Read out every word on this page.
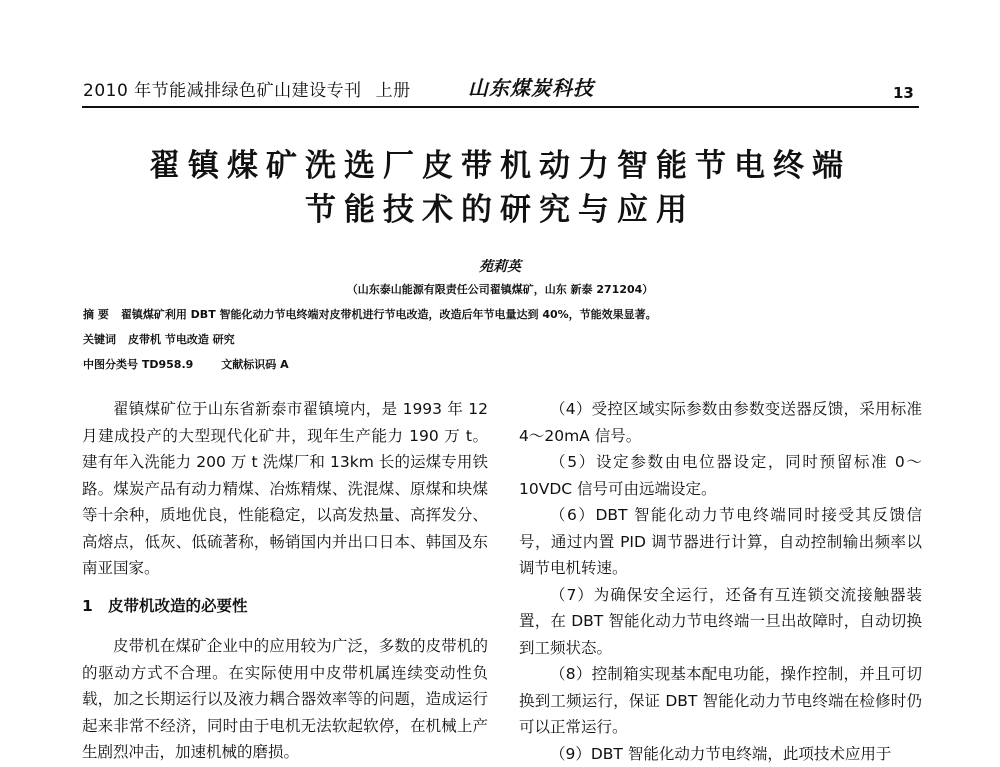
2010 年节能减排绿色矿山建设专刊 上册	山东煤炭科技	13
翟镇煤矿洗选厂皮带机动力智能节电终端
节能技术的研究与应用
苑莉英
（山东泰山能源有限责任公司翟镇煤矿，山东 新泰 271204）
摘 要 翟镇煤矿利用 DBT 智能化动力节电终端对皮带机进行节电改造，改造后年节电量达到 40%，节能效果显著。
关键词 皮带机 节电改造 研究
中图分类号 TD958.9	文献标识码 A

翟镇煤矿位于山东省新泰市翟镇境内，是 1993 年 12 月建成投产的大型现代化矿井，现年生产能力 190 万 t。建有年入洗能力 200 万 t 洗煤厂和 13km 长的运煤专用铁路。煤炭产品有动力精煤、冶炼精煤、洗混煤、原煤和块煤等十余种，质地优良，性能稳定，以高发热量、高挥发分、高熔点，低灰、低硫著称，畅销国内并出口日本、韩国及东南亚国家。

1 皮带机改造的必要性

皮带机在煤矿企业中的应用较为广泛，多数的皮带机的的驱动方式不合理。在实际使用中皮带机属连续变动性负载，加之长期运行以及液力耦合器效率等的问题，造成运行起来非常不经济，同时由于电机无法软起软停，在机械上产生剧烈冲击，加速机械的磨损。

（4）受控区域实际参数由参数变送器反馈，采用标准 4～20mA 信号。

（5）设定参数由电位器设定，同时预留标准 0～10VDC 信号可由远端设定。

（6）DBT 智能化动力节电终端同时接受其反馈信号，通过内置 PID 调节器进行计算，自动控制输出频率以调节电机转速。

（7）为确保安全运行，还备有互连锁交流接触器装置，在 DBT 智能化动力节电终端一旦出故障时，自动切换到工频状态。

（8）控制箱实现基本配电功能，操作控制，并且可切换到工频运行，保证 DBT 智能化动力节电终端在检修时仍可以正常运行。

（9）DBT 智能化动力节电终端，此项技术应用于
